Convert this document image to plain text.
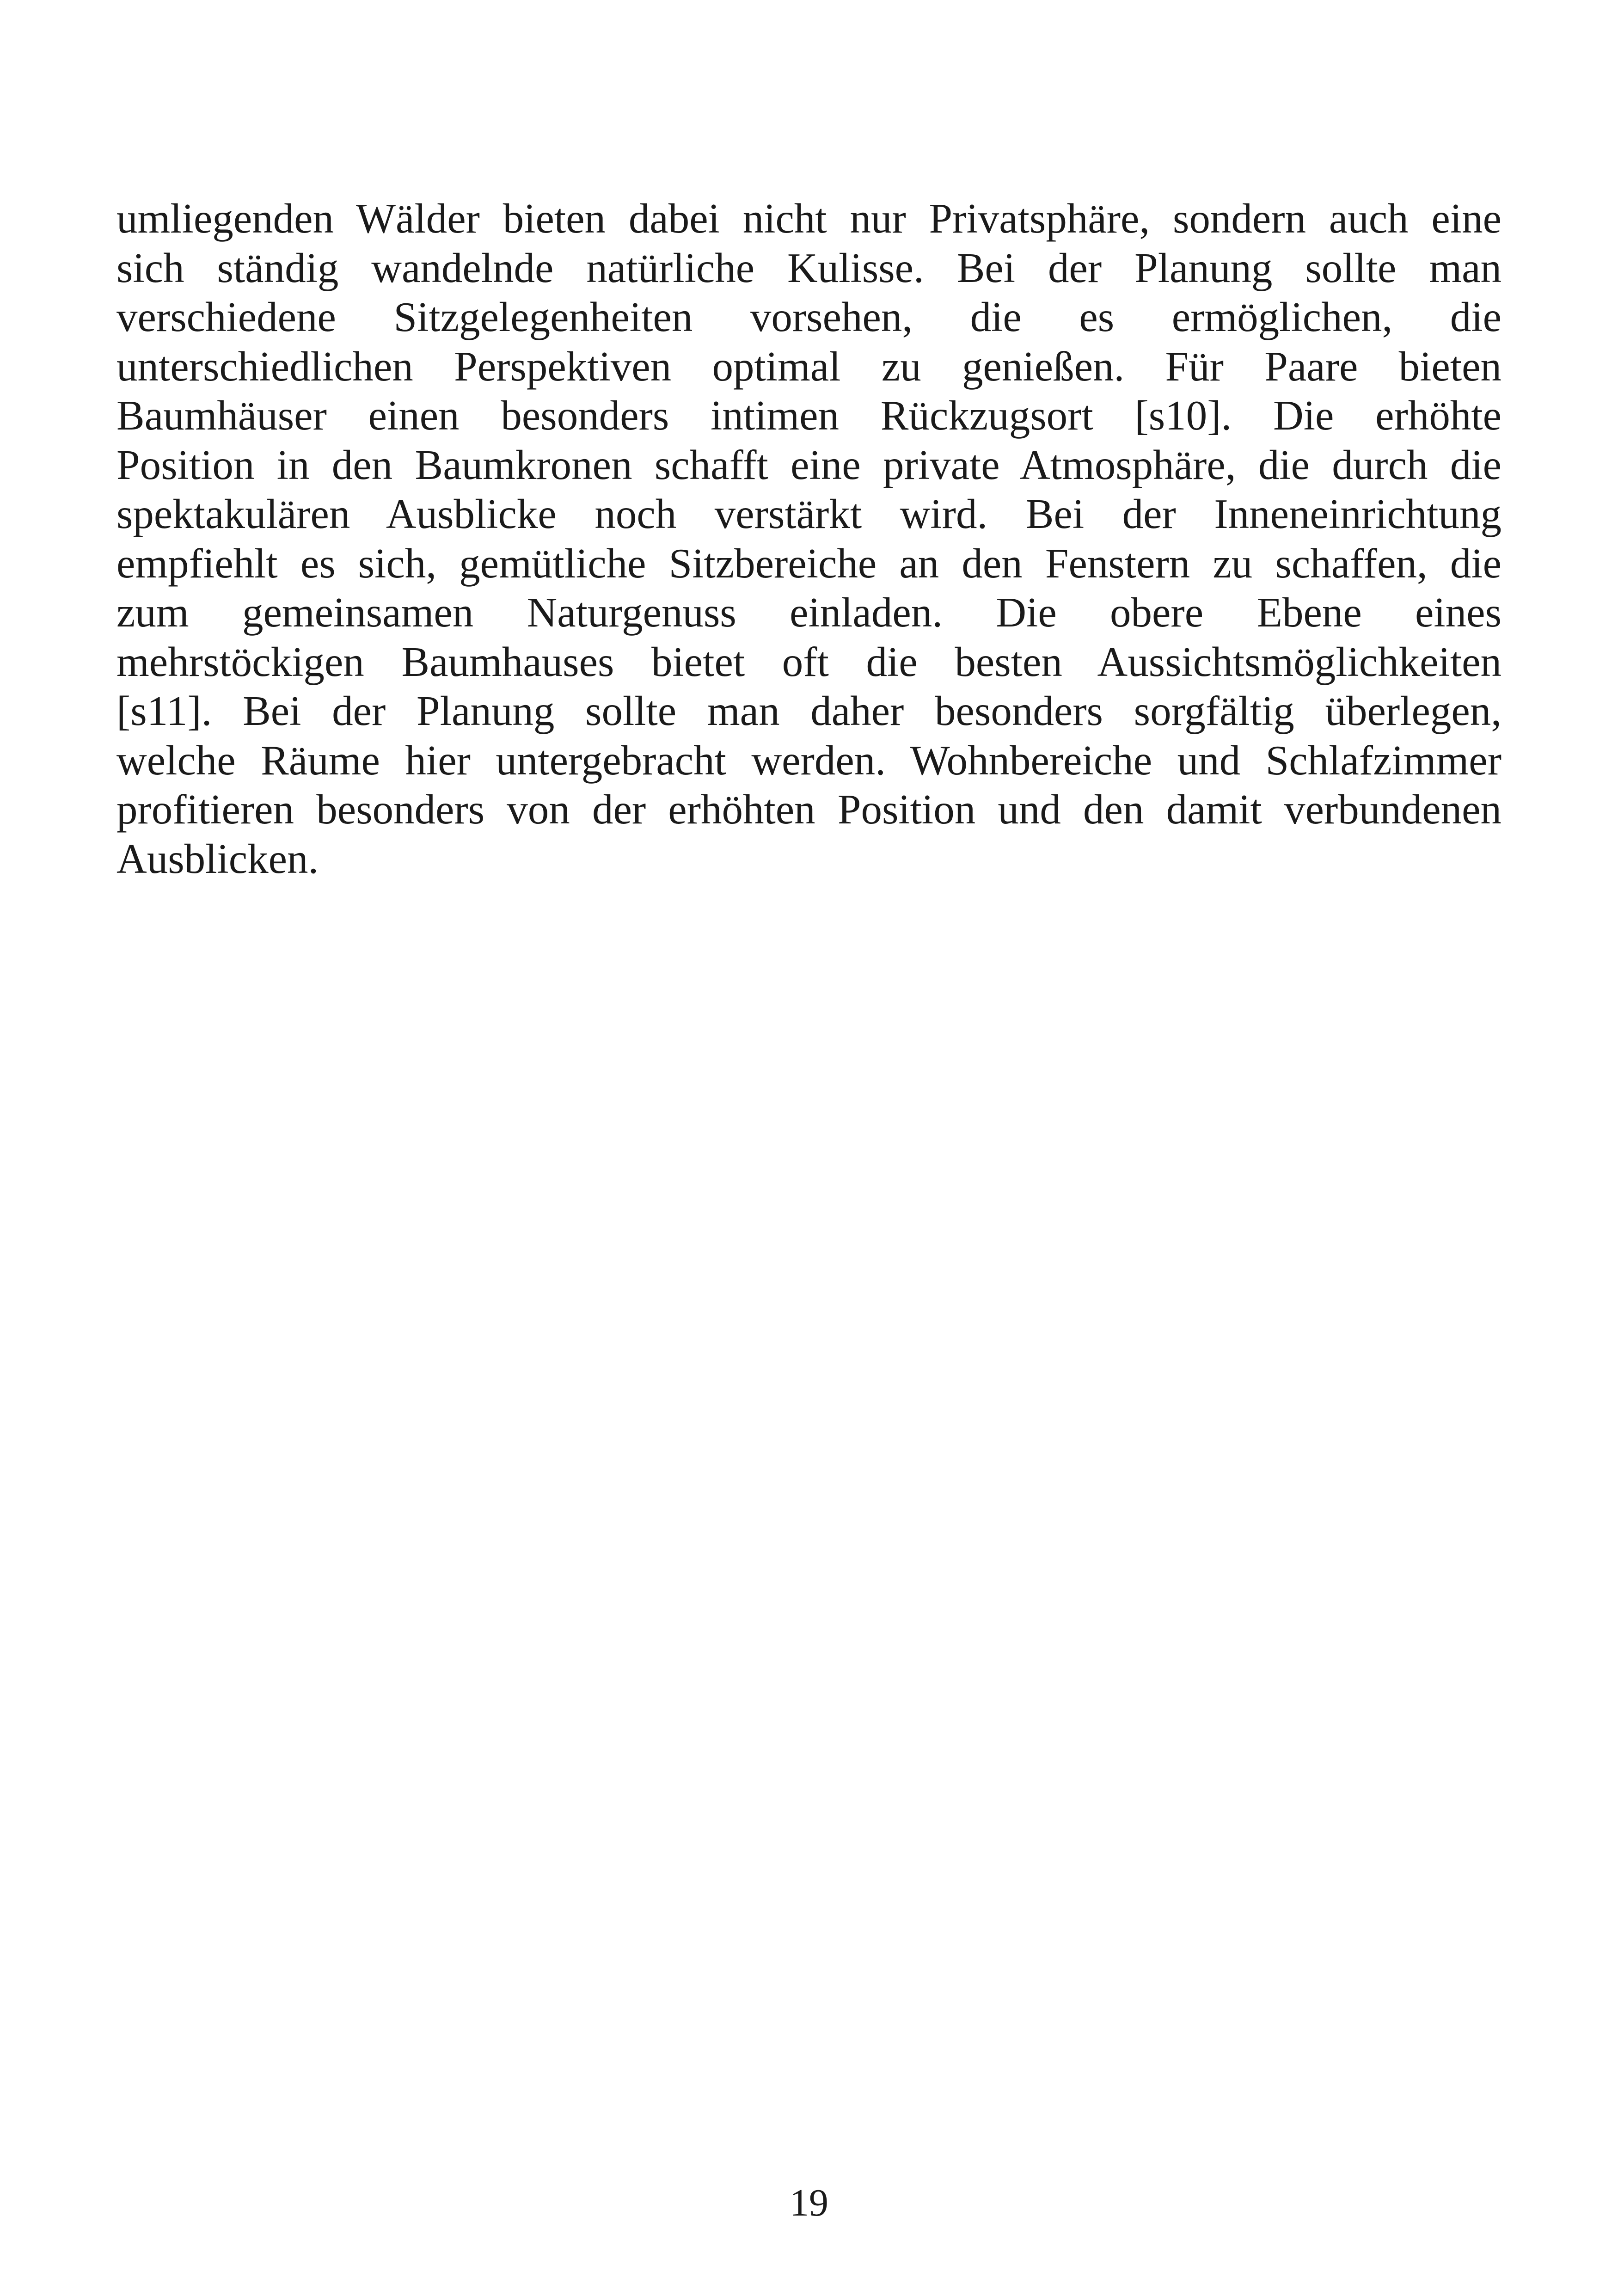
umliegenden Wälder bieten dabei nicht nur Privatsphäre, sondern auch eine
sich ständig wandelnde natürliche Kulisse. Bei der Planung sollte man
verschiedene Sitzgelegenheiten vorsehen, die es ermöglichen, die
unterschiedlichen Perspektiven optimal zu genießen. Für Paare bieten
Baumhäuser einen besonders intimen Rückzugsort [s10]. Die erhöhte
Position in den Baumkronen schafft eine private Atmosphäre, die durch die
spektakulären Ausblicke noch verstärkt wird. Bei der Inneneinrichtung
empfiehlt es sich, gemütliche Sitzbereiche an den Fenstern zu schaffen, die
zum gemeinsamen Naturgenuss einladen. Die obere Ebene eines
mehrstöckigen Baumhauses bietet oft die besten Aussichtsmöglichkeiten
[s11]. Bei der Planung sollte man daher besonders sorgfältig überlegen,
welche Räume hier untergebracht werden. Wohnbereiche und Schlafzimmer
profitieren besonders von der erhöhten Position und den damit verbundenen
Ausblicken.
19
